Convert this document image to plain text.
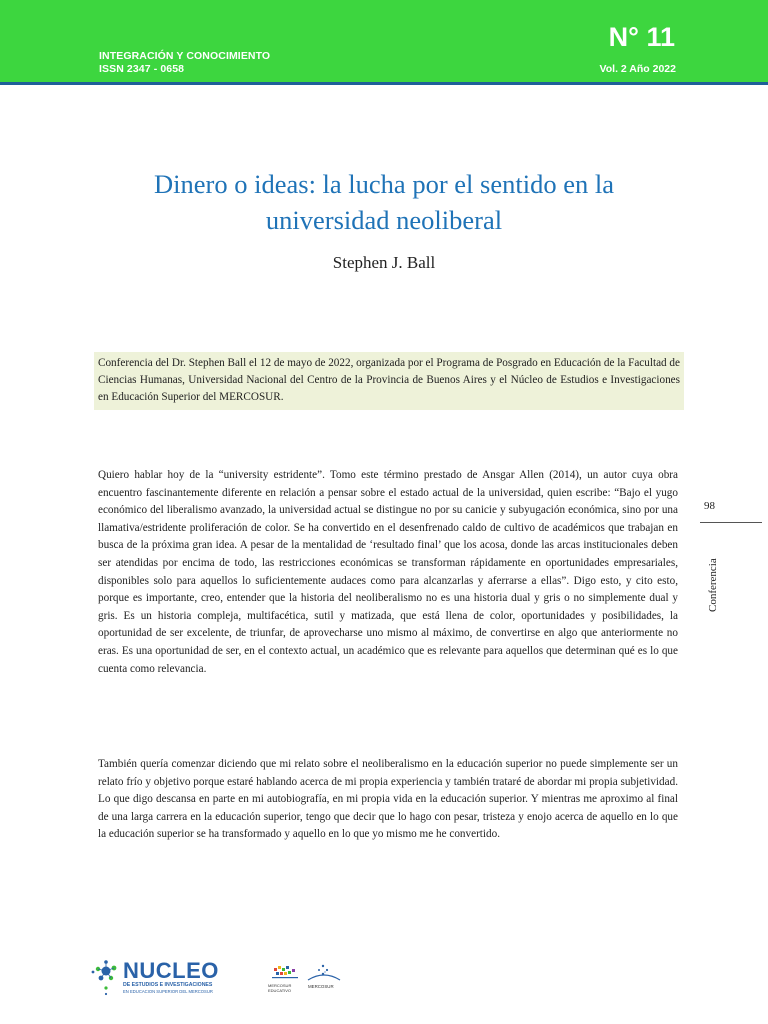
INTEGRACIÓN Y CONOCIMIENTO
ISSN 2347 - 0658
N° 11
Vol. 2 Año 2022
Dinero o ideas: la lucha por el sentido en la universidad neoliberal
Stephen J. Ball
Conferencia del Dr. Stephen Ball el 12 de mayo de 2022, organizada por el Programa de Posgrado en Educación de la Facultad de Ciencias Humanas, Universidad Nacional del Centro de la Provincia de Buenos Aires y el Núcleo de Estudios e Investigaciones en Educación Superior del MERCOSUR.

Quiero hablar hoy de la “university estridente”. Tomo este término prestado de Ansgar Allen (2014), un autor cuya obra encuentro fascinantemente diferente en relación a pensar sobre el estado actual de la universidad, quien escribe: “Bajo el yugo económico del liberalismo avanzado, la universidad actual se distingue no por su canicie y subyugación económica, sino por una llamativa/estridente proliferación de color. Se ha convertido en el desenfrenado caldo de cultivo de académicos que trabajan en busca de la próxima gran idea. A pesar de la mentalidad de ‘resultado final’ que los acosa, donde las arcas institucionales deben ser atendidas por encima de todo, las restricciones económicas se transforman rápidamente en oportunidades empresariales, disponibles solo para aquellos lo suficientemente audaces como para alcanzarlas y aferrarse a ellas”. Digo esto, y cito esto, porque es importante, creo, entender que la historia del neoliberalismo no es una historia dual y gris o no simplemente dual y gris. Es un historia compleja, multifacética, sutil y matizada, que está llena de color, oportunidades y posibilidades, la oportunidad de ser excelente, de triunfar, de aprovecharse uno mismo al máximo, de convertirse en algo que anteriormente no eras. Es una oportunidad de ser, en el contexto actual, un académico que es relevante para aquellos que determinan qué es lo que cuenta como relevancia.

También quería comenzar diciendo que mi relato sobre el neoliberalismo en la educación superior no puede simplemente ser un relato frío y objetivo porque estaré hablando acerca de mi propia experiencia y también trataré de abordar mi propia subjetividad. Lo que digo descansa en parte en mi autobiografía, en mi propia vida en la educación superior. Y mientras me aproximo al final de una larga carrera en la educación superior, tengo que decir que lo hago con pesar, tristeza y enojo acerca de aquello en lo que la educación superior se ha transformado y aquello en lo que yo mismo me he convertido.

98
Conferencia
NUCLEO
DE ESTUDIOS E INVESTIGACIONES
EN EDUCACION SUPERIOR DEL MERCOSUR
MERCOSUR
EDUCATIVO
MERCOSUR
